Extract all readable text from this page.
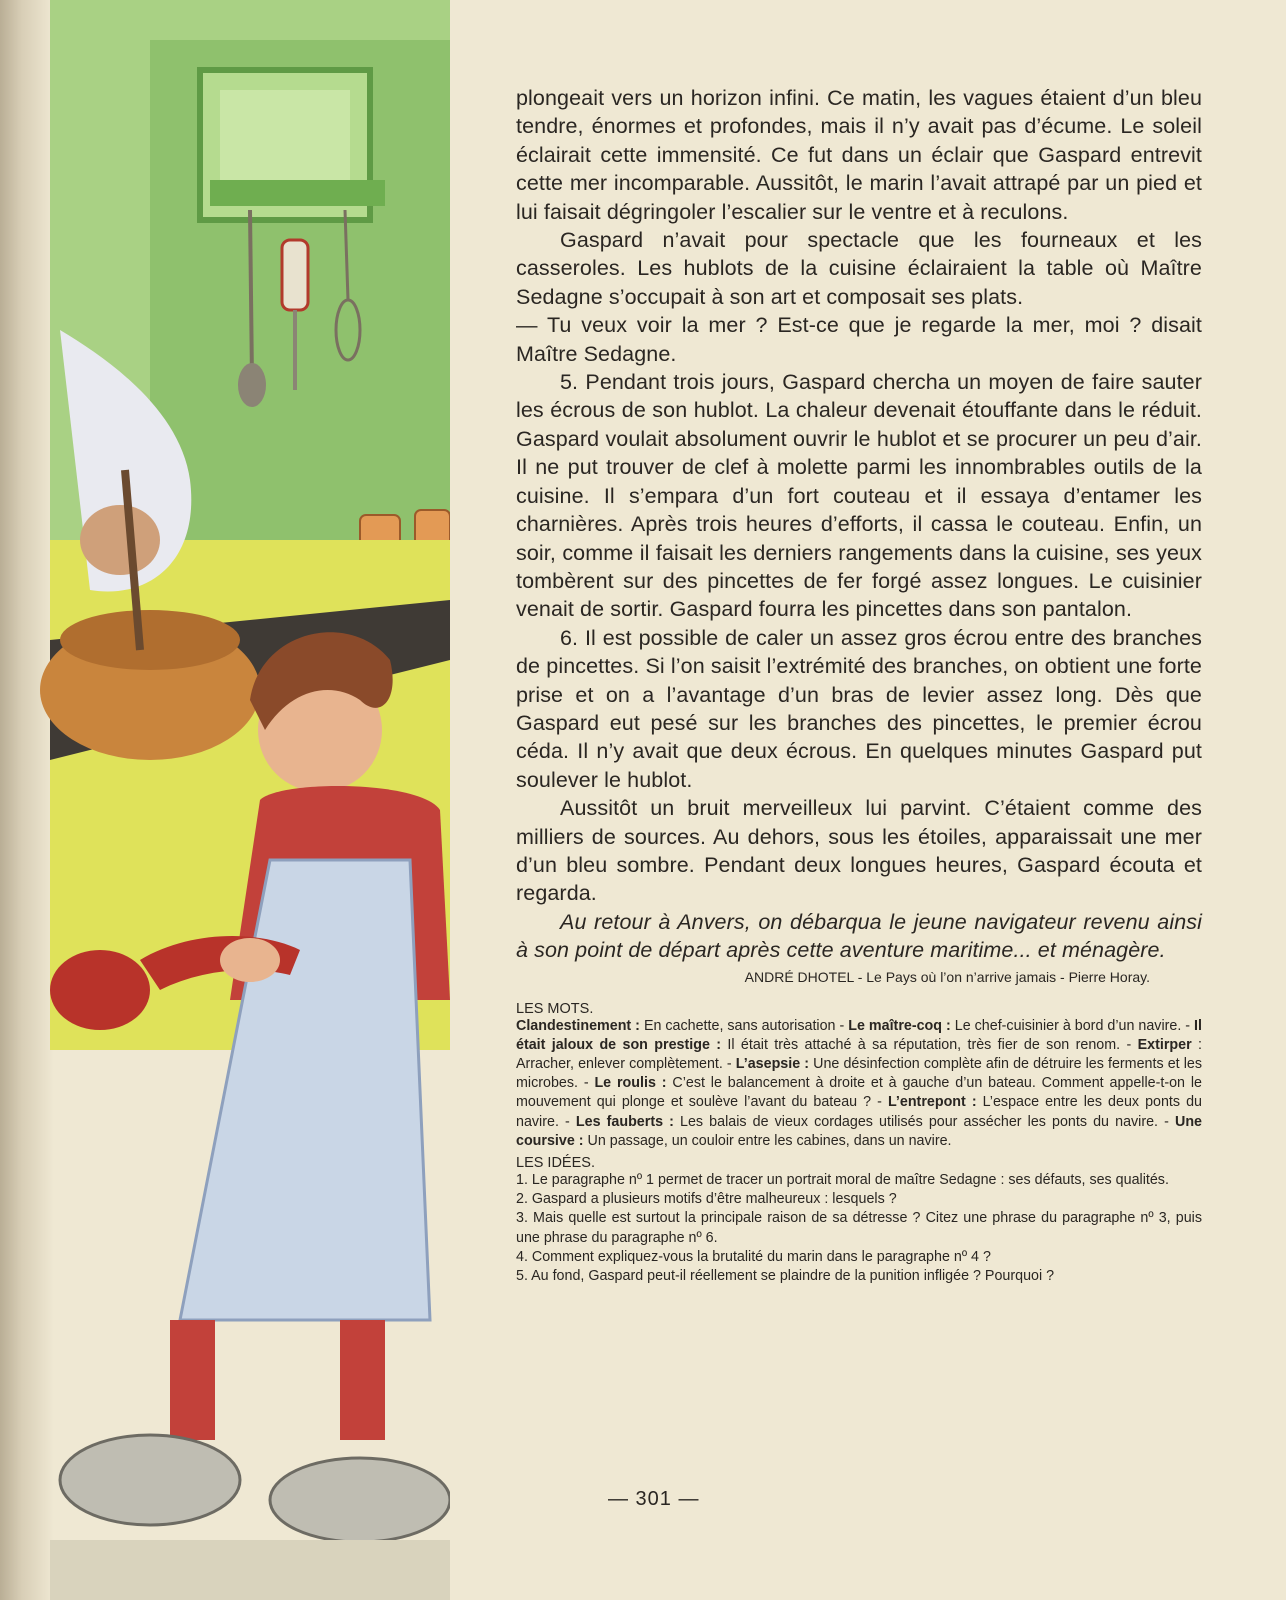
plongeait vers un horizon infini. Ce matin, les vagues étaient d’un bleu tendre, énormes et profondes, mais il n’y avait pas d’écume. Le soleil éclairait cette immensité. Ce fut dans un éclair que Gaspard entrevit cette mer incomparable. Aussitôt, le marin l’avait attrapé par un pied et lui faisait dégringoler l’escalier sur le ventre et à reculons.

Gaspard n’avait pour spectacle que les fourneaux et les casseroles. Les hublots de la cuisine éclairaient la table où Maître Sedagne s’occupait à son art et composait ses plats.

— Tu veux voir la mer ? Est-ce que je regarde la mer, moi ? disait Maître Sedagne.

5. Pendant trois jours, Gaspard chercha un moyen de faire sauter les écrous de son hublot. La chaleur devenait étouffante dans le réduit. Gaspard voulait absolument ouvrir le hublot et se procurer un peu d’air. Il ne put trouver de clef à molette parmi les innombrables outils de la cuisine. Il s’empara d’un fort couteau et il essaya d’entamer les charnières. Après trois heures d’efforts, il cassa le couteau. Enfin, un soir, comme il faisait les derniers rangements dans la cuisine, ses yeux tombèrent sur des pincettes de fer forgé assez longues. Le cuisinier venait de sortir. Gaspard fourra les pincettes dans son pantalon.

6. Il est possible de caler un assez gros écrou entre des branches de pincettes. Si l’on saisit l’extrémité des branches, on obtient une forte prise et on a l’avantage d’un bras de levier assez long. Dès que Gaspard eut pesé sur les branches des pincettes, le premier écrou céda. Il n’y avait que deux écrous. En quelques minutes Gaspard put soulever le hublot.

Aussitôt un bruit merveilleux lui parvint. C’étaient comme des milliers de sources. Au dehors, sous les étoiles, apparaissait une mer d’un bleu sombre. Pendant deux longues heures, Gaspard écouta et regarda.

Au retour à Anvers, on débarqua le jeune navigateur revenu ainsi à son point de départ après cette aventure maritime... et ménagère.

ANDRÉ DHOTEL - Le Pays où l’on n’arrive jamais - Pierre Horay.

LES MOTS.

Clandestinement : En cachette, sans autorisation - Le maître-coq : Le chef-cuisinier à bord d’un navire. - Il était jaloux de son prestige : Il était très attaché à sa réputation, très fier de son renom. - Extirper : Arracher, enlever complètement. - L’asepsie : Une désinfection complète afin de détruire les ferments et les microbes. - Le roulis : C’est le balancement à droite et à gauche d’un bateau. Comment appelle-t-on le mouvement qui plonge et soulève l’avant du bateau ? - L’entrepont : L’espace entre les deux ponts du navire. - Les fauberts : Les balais de vieux cordages utilisés pour assécher les ponts du navire. - Une coursive : Un passage, un couloir entre les cabines, dans un navire.

LES IDÉES.

1. Le paragraphe nº 1 permet de tracer un portrait moral de maître Sedagne : ses défauts, ses qualités.

2. Gaspard a plusieurs motifs d’être malheureux : lesquels ?

3. Mais quelle est surtout la principale raison de sa détresse ? Citez une phrase du paragraphe nº 3, puis une phrase du paragraphe nº 6.

4. Comment expliquez-vous la brutalité du marin dans le paragraphe nº 4 ?

5. Au fond, Gaspard peut-il réellement se plaindre de la punition infligée ? Pourquoi ?

— 301 —
